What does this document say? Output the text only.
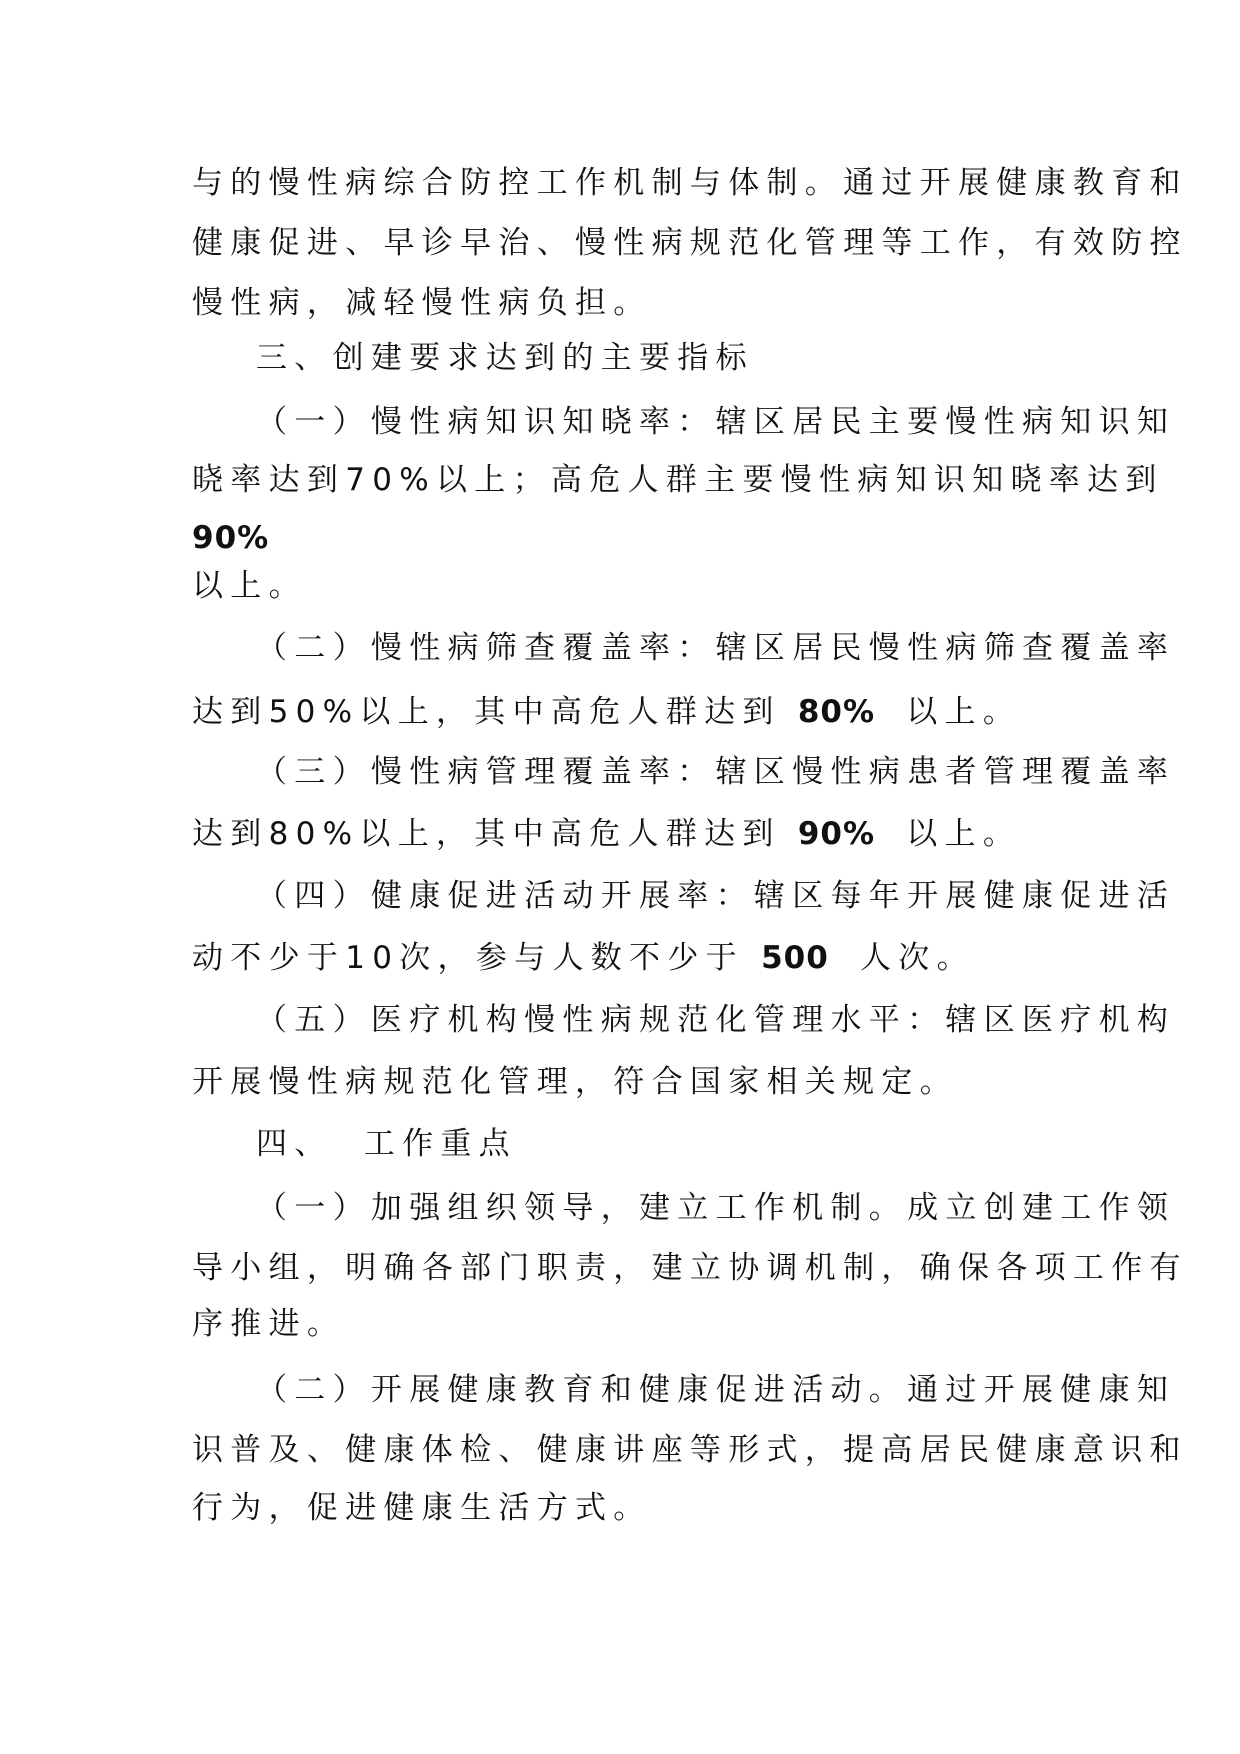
与的慢性病综合防控工作机制与体制。通过开展健康教育和
健康促进、早诊早治、慢性病规范化管理等工作，有效防控
慢性病，减轻慢性病负担。
三、创建要求达到的主要指标
（一）慢性病知识知晓率：辖区居民主要慢性病知识知
晓率达到70%以上；高危人群主要慢性病知识知晓率达到
90%
以上。
（二）慢性病筛查覆盖率：辖区居民慢性病筛查覆盖率
达到50%以上，其中高危人群达到 80% 以上。
（三）慢性病管理覆盖率：辖区慢性病患者管理覆盖率
达到80%以上，其中高危人群达到 90% 以上。
（四）健康促进活动开展率：辖区每年开展健康促进活
动不少于10次，参与人数不少于 500 人次。
（五）医疗机构慢性病规范化管理水平：辖区医疗机构
开展慢性病规范化管理，符合国家相关规定。
四、 工作重点
（一）加强组织领导，建立工作机制。成立创建工作领
导小组，明确各部门职责，建立协调机制，确保各项工作有
序推进。
（二）开展健康教育和健康促进活动。通过开展健康知
识普及、健康体检、健康讲座等形式，提高居民健康意识和
行为，促进健康生活方式。
